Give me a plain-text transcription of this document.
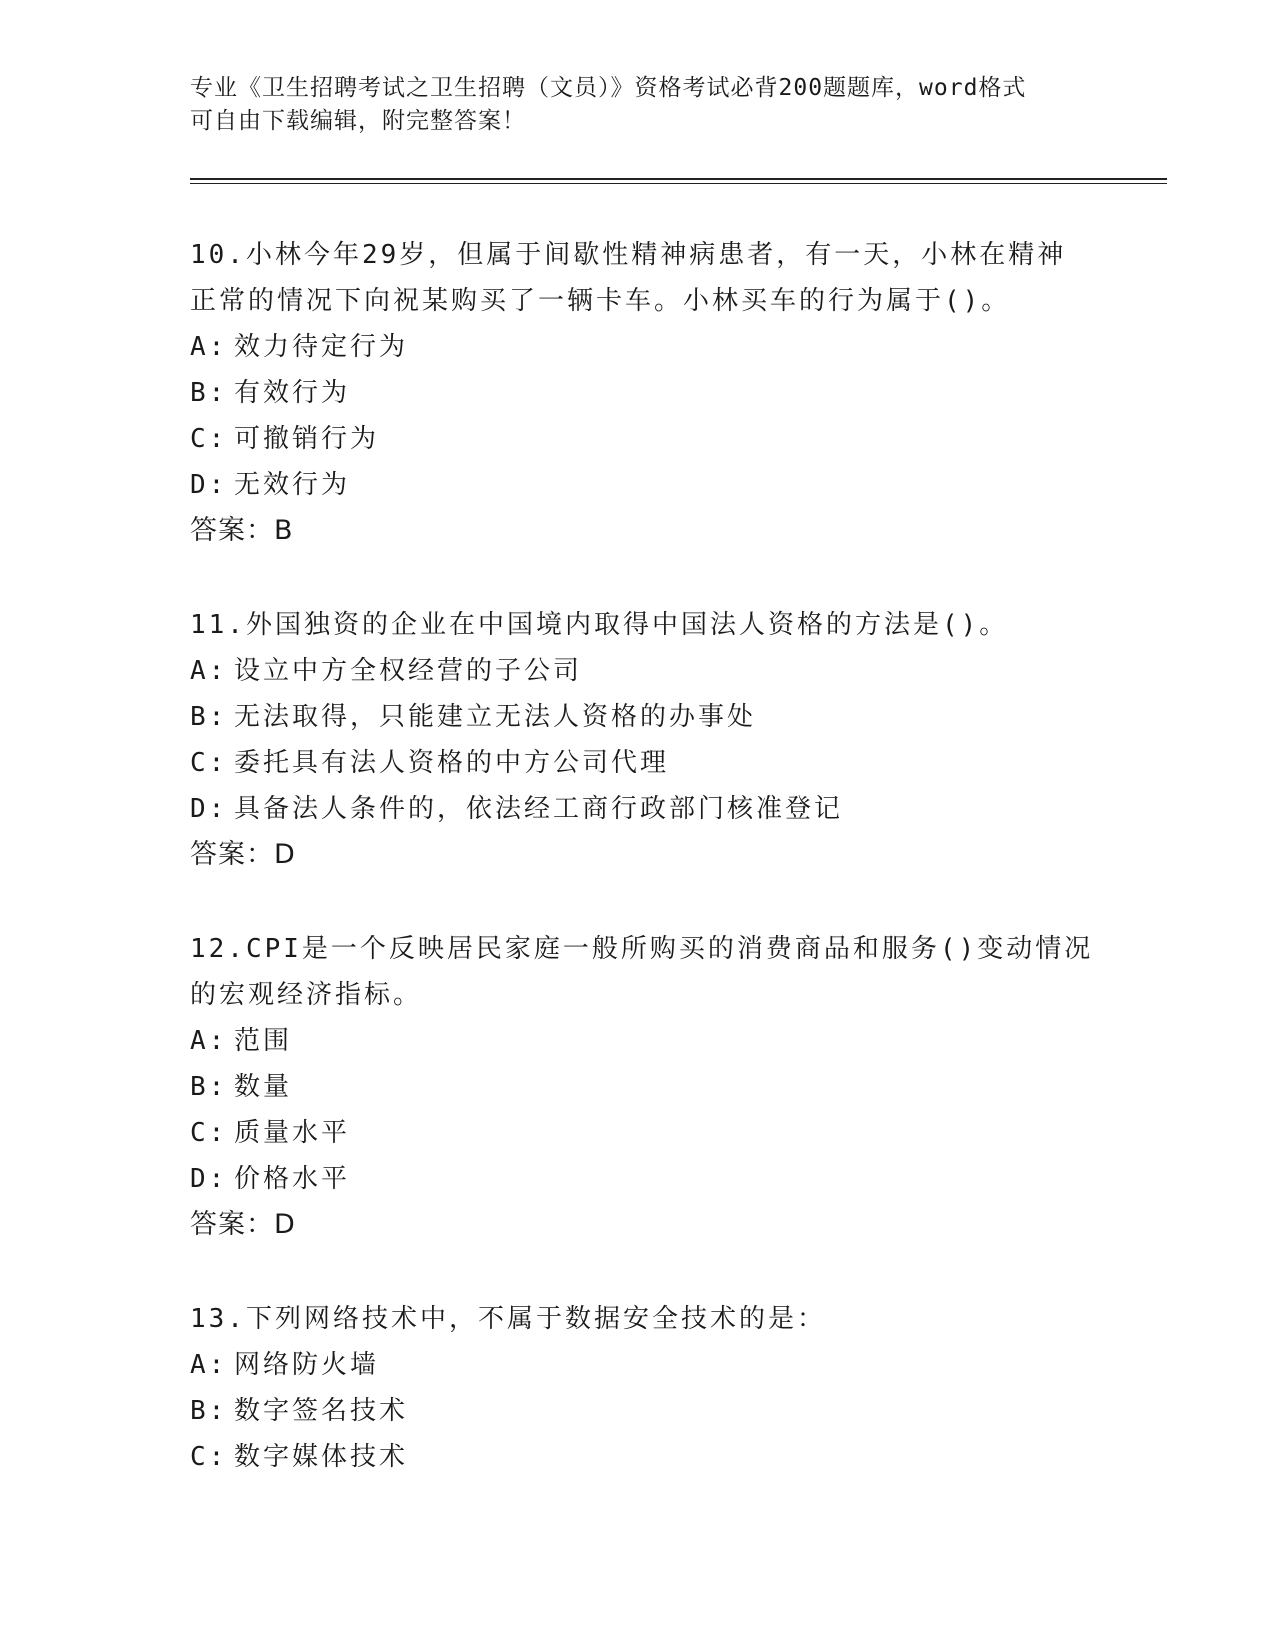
专业《卫生招聘考试之卫生招聘（文员）》资格考试必背200题题库，word格式
可自由下载编辑，附完整答案！

10.小林今年29岁，但属于间歇性精神病患者，有一天，小林在精神
正常的情况下向祝某购买了一辆卡车。小林买车的行为属于()。

A: 效力待定行为

B: 有效行为

C: 可撤销行为

D: 无效行为

答案：B

11.外国独资的企业在中国境内取得中国法人资格的方法是()。

A: 设立中方全权经营的子公司

B: 无法取得，只能建立无法人资格的办事处

C: 委托具有法人资格的中方公司代理

D: 具备法人条件的，依法经工商行政部门核准登记

答案：D

12.CPI是一个反映居民家庭一般所购买的消费商品和服务()变动情况
的宏观经济指标。

A: 范围

B: 数量

C: 质量水平

D: 价格水平

答案：D

13.下列网络技术中，不属于数据安全技术的是：

A: 网络防火墙

B: 数字签名技术

C: 数字媒体技术
